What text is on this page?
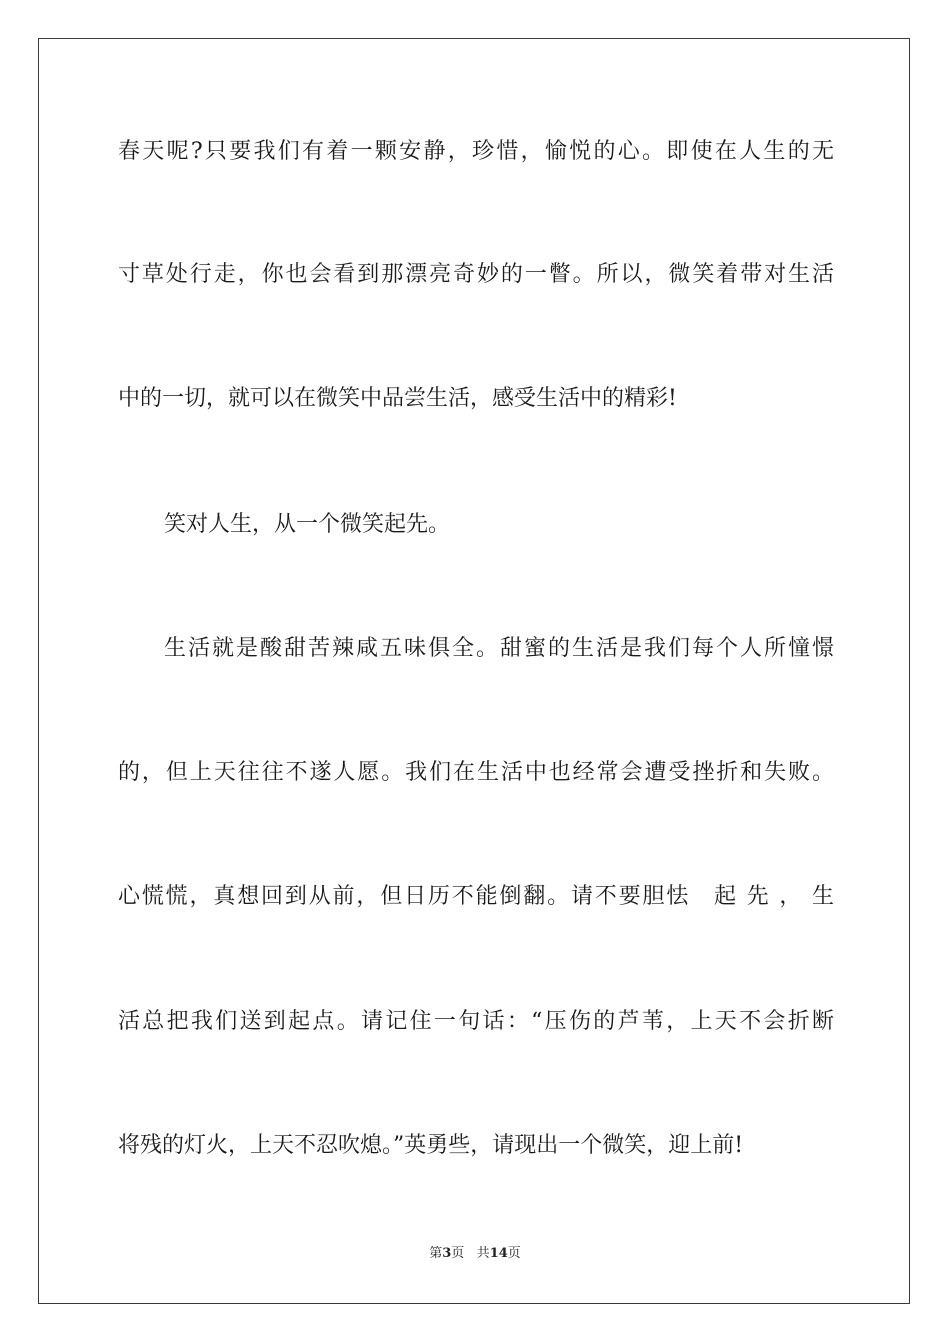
春天呢?只要我们有着一颗安静，珍惜，愉悦的心。即使在人生的无
寸草处行走，你也会看到那漂亮奇妙的一瞥。所以，微笑着带对生活
中的一切，就可以在微笑中品尝生活，感受生活中的精彩!
笑对人生，从一个微笑起先。
生活就是酸甜苦辣咸五味俱全。甜蜜的生活是我们每个人所憧憬
的，但上天往往不遂人愿。我们在生活中也经常会遭受挫折和失败。
心慌慌，真想回到从前，但日历不能倒翻。请不要胆怯　起 先 ， 生
活总把我们送到起点。请记住一句话：“压伤的芦苇，上天不会折断
将残的灯火，上天不忍吹熄。”英勇些，请现出一个微笑，迎上前!
第3页 共14页
